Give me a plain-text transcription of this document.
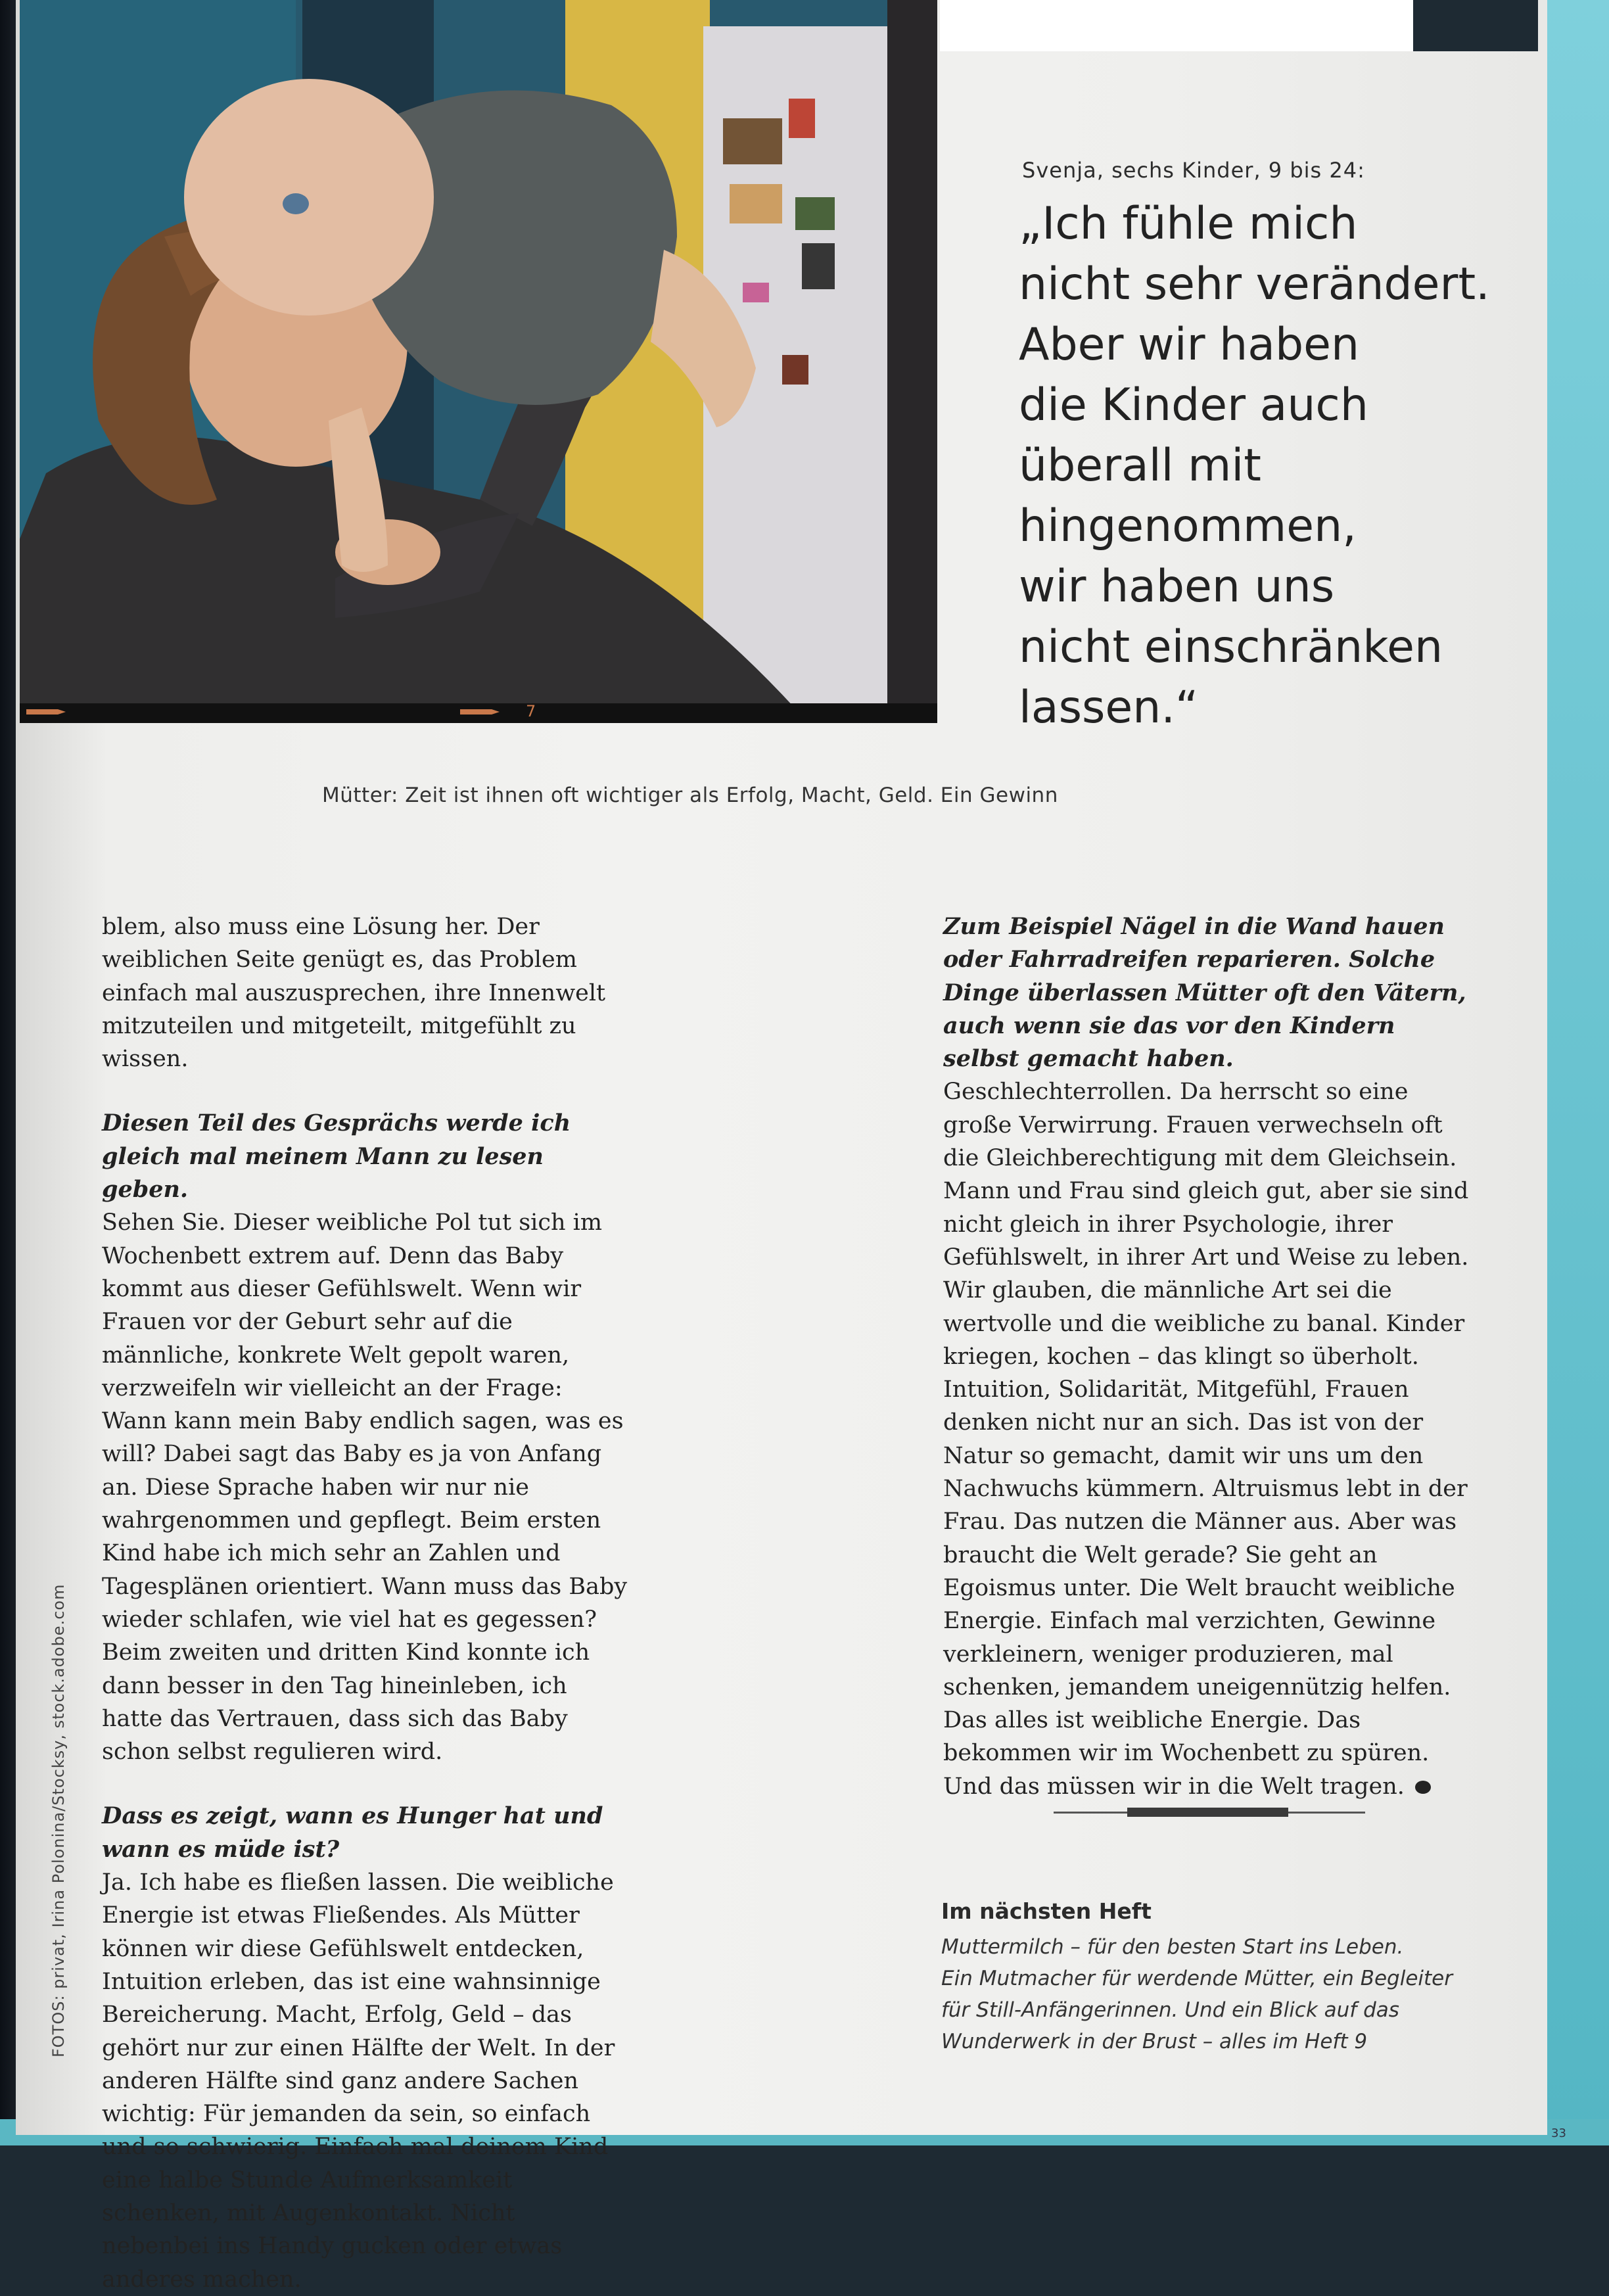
7
Svenja, sechs Kinder, 9 bis 24:

„Ich fühle mich
nicht sehr verändert.
Aber wir haben
die Kinder auch
überall mit
hingenommen,
wir haben uns
nicht einschränken
lassen.“

Mütter: Zeit ist ihnen oft wichtiger als Erfolg, Macht, Geld. Ein Gewinn

blem, also muss eine Lösung her. Der weiblichen Seite genügt es, das Problem einfach mal auszusprechen, ihre Innenwelt mitzuteilen und mitgeteilt, mitgefühlt zu wissen.

Diesen Teil des Gesprächs werde ich gleich mal meinem Mann zu lesen geben.

Sehen Sie. Dieser weibliche Pol tut sich im Wochenbett extrem auf. Denn das Baby kommt aus dieser Gefühlswelt. Wenn wir Frauen vor der Geburt sehr auf die männliche, konkrete Welt gepolt waren, verzweifeln wir vielleicht an der Frage: Wann kann mein Baby endlich sagen, was es will? Dabei sagt das Baby es ja von Anfang an. Diese Sprache haben wir nur nie wahrgenommen und gepflegt. Beim ersten Kind habe ich mich sehr an Zahlen und Tagesplänen orientiert. Wann muss das Baby wieder schlafen, wie viel hat es gegessen? Beim zweiten und dritten Kind konnte ich dann besser in den Tag hineinleben, ich hatte das Vertrauen, dass sich das Baby schon selbst regulieren wird.

Dass es zeigt, wann es Hunger hat und wann es müde ist?

Ja. Ich habe es fließen lassen. Die weibliche Energie ist etwas Fließendes. Als Mütter können wir diese Gefühlswelt entdecken, Intuition erleben, das ist eine wahnsinnige Bereicherung. Macht, Erfolg, Geld – das gehört nur zur einen Hälfte der Welt. In der anderen Hälfte sind ganz andere Sachen wichtig: Für jemanden da sein, so einfach und so schwierig. Einfach mal deinem Kind eine halbe Stunde Aufmerksamkeit schenken, mit Augenkontakt. Nicht nebenbei ins Handy gucken oder etwas anderes machen.

Zum Beispiel Nägel in die Wand hauen oder Fahrradreifen reparieren. Solche Dinge überlassen Mütter oft den Vätern, auch wenn sie das vor den Kindern selbst gemacht haben.

Geschlechterrollen. Da herrscht so eine große Verwirrung. Frauen verwechseln oft die Gleichberechtigung mit dem Gleichsein. Mann und Frau sind gleich gut, aber sie sind nicht gleich in ihrer Psychologie, ihrer Gefühlswelt, in ihrer Art und Weise zu leben. Wir glauben, die männliche Art sei die wertvolle und die weibliche zu banal. Kinder kriegen, kochen – das klingt so überholt. Intuition, Solidarität, Mitgefühl, Frauen denken nicht nur an sich. Das ist von der Natur so gemacht, damit wir uns um den Nachwuchs kümmern. Altruismus lebt in der Frau. Das nutzen die Männer aus. Aber was braucht die Welt gerade? Sie geht an Egoismus unter. Die Welt braucht weibliche Energie. Einfach mal verzichten, Gewinne verkleinern, weniger produzieren, mal schenken, jemandem uneigennützig helfen. Das alles ist weibliche Energie. Das bekommen wir im Wochenbett zu spüren. Und das müssen wir in die Welt tragen.

Im nächsten Heft
Muttermilch – für den besten Start ins Leben.
Ein Mutmacher für werdende Mütter, ein Begleiter
für Still-Anfängerinnen. Und ein Blick auf das
Wunderwerk in der Brust – alles im Heft 9
FOTOS: privat, Irina Polonina/Stocksy, stock.adobe.com
33
